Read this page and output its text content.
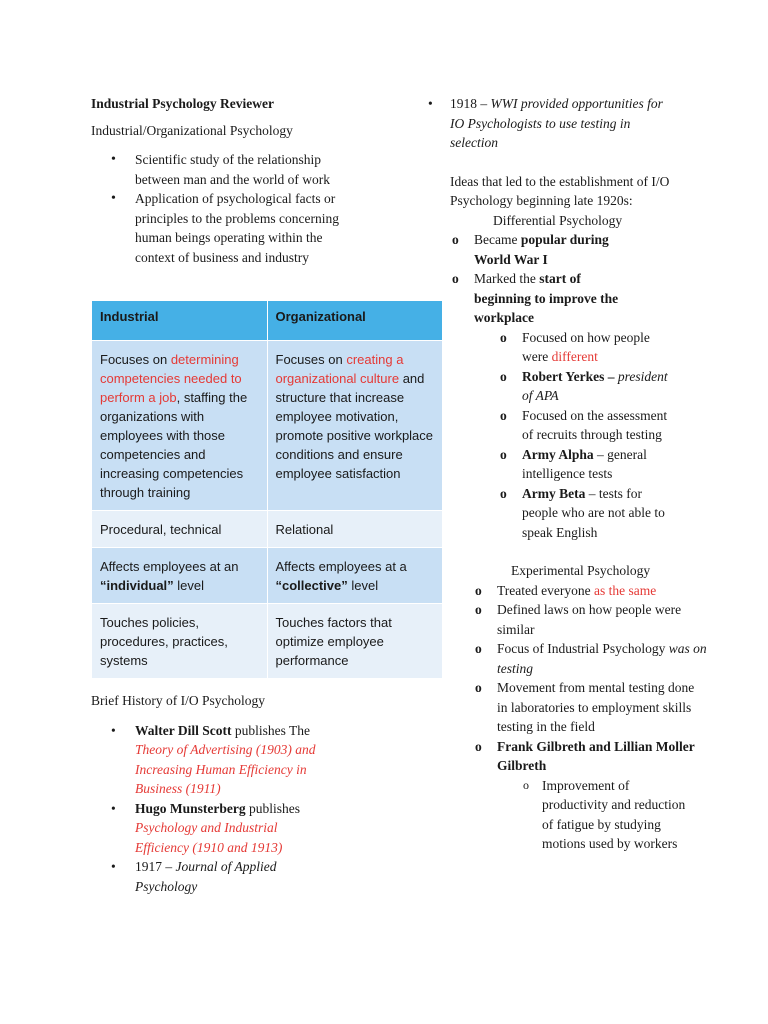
Industrial Psychology Reviewer
Industrial/Organizational Psychology
• Scientific study of the relationship between man and the world of work
• Application of psychological facts or principles to the problems concerning human beings operating within the context of business and industry
Industrial	Organizational
Focuses on determining competencies needed to perform a job, staffing the organizations with employees with those competencies and increasing competencies through training	Focuses on creating a organizational culture and structure that increase employee motivation, promote positive workplace conditions and ensure employee satisfaction
Procedural, technical	Relational
Affects employees at an “individual” level	Affects employees at a “collective” level
Touches policies, procedures, practices, systems	Touches factors that optimize employee performance
Brief History of I/O Psychology
• Walter Dill Scott publishes The Theory of Advertising (1903) and Increasing Human Efficiency in Business (1911)
• Hugo Munsterberg publishes Psychology and Industrial Efficiency (1910 and 1913)
• 1917 – Journal of Applied Psychology
• 1918 – WWI provided opportunities for IO Psychologists to use testing in selection
Ideas that led to the establishment of I/O Psychology beginning late 1920s:
Differential Psychology
o Became popular during World War I
o Marked the start of beginning to improve the workplace
o Focused on how people were different
o Robert Yerkes – president of APA
o Focused on the assessment of recruits through testing
o Army Alpha – general intelligence tests
o Army Beta – tests for people who are not able to speak English
Experimental Psychology
o Treated everyone as the same
o Defined laws on how people were similar
o Focus of Industrial Psychology was on testing
o Movement from mental testing done in laboratories to employment skills testing in the field
o Frank Gilbreth and Lillian Moller Gilbreth
o Improvement of productivity and reduction of fatigue by studying motions used by workers
